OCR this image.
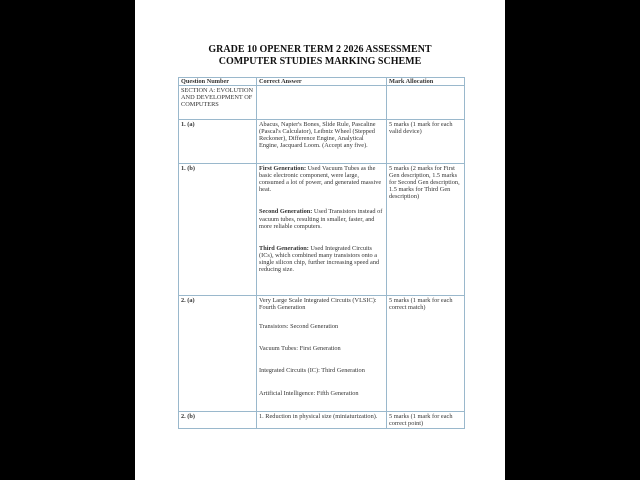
GRADE 10 OPENER TERM 2 2026 ASSESSMENT
COMPUTER STUDIES MARKING SCHEME
Question Number	Correct Answer	Mark Allocation
SECTION A: EVOLUTION AND DEVELOPMENT OF COMPUTERS		
1. (a)	Abacus, Napier's Bones, Slide Rule, Pascaline (Pascal's Calculator), Leibniz Wheel (Stepped Reckoner), Difference Engine, Analytical Engine, Jacquard Loom. (Accept any five).	5 marks (1 mark for each valid device)
1. (b)	First Generation: Used Vacuum Tubes as the basic electronic component, were large, consumed a lot of power, and generated massive heat.

Second Generation: Used Transistors instead of vacuum tubes, resulting in smaller, faster, and more reliable computers.

Third Generation: Used Integrated Circuits (ICs), which combined many transistors onto a single silicon chip, further increasing speed and reducing size.	5 marks (2 marks for First Gen description, 1.5 marks for Second Gen description, 1.5 marks for Third Gen description)
2. (a)	Very Large Scale Integrated Circuits (VLSIC): Fourth Generation

Transistors: Second Generation

Vacuum Tubes: First Generation

Integrated Circuits (IC): Third Generation

Artificial Intelligence: Fifth Generation	5 marks (1 mark for each correct match)
2. (b)	1. Reduction in physical size (miniaturization).	5 marks (1 mark for each correct point)
